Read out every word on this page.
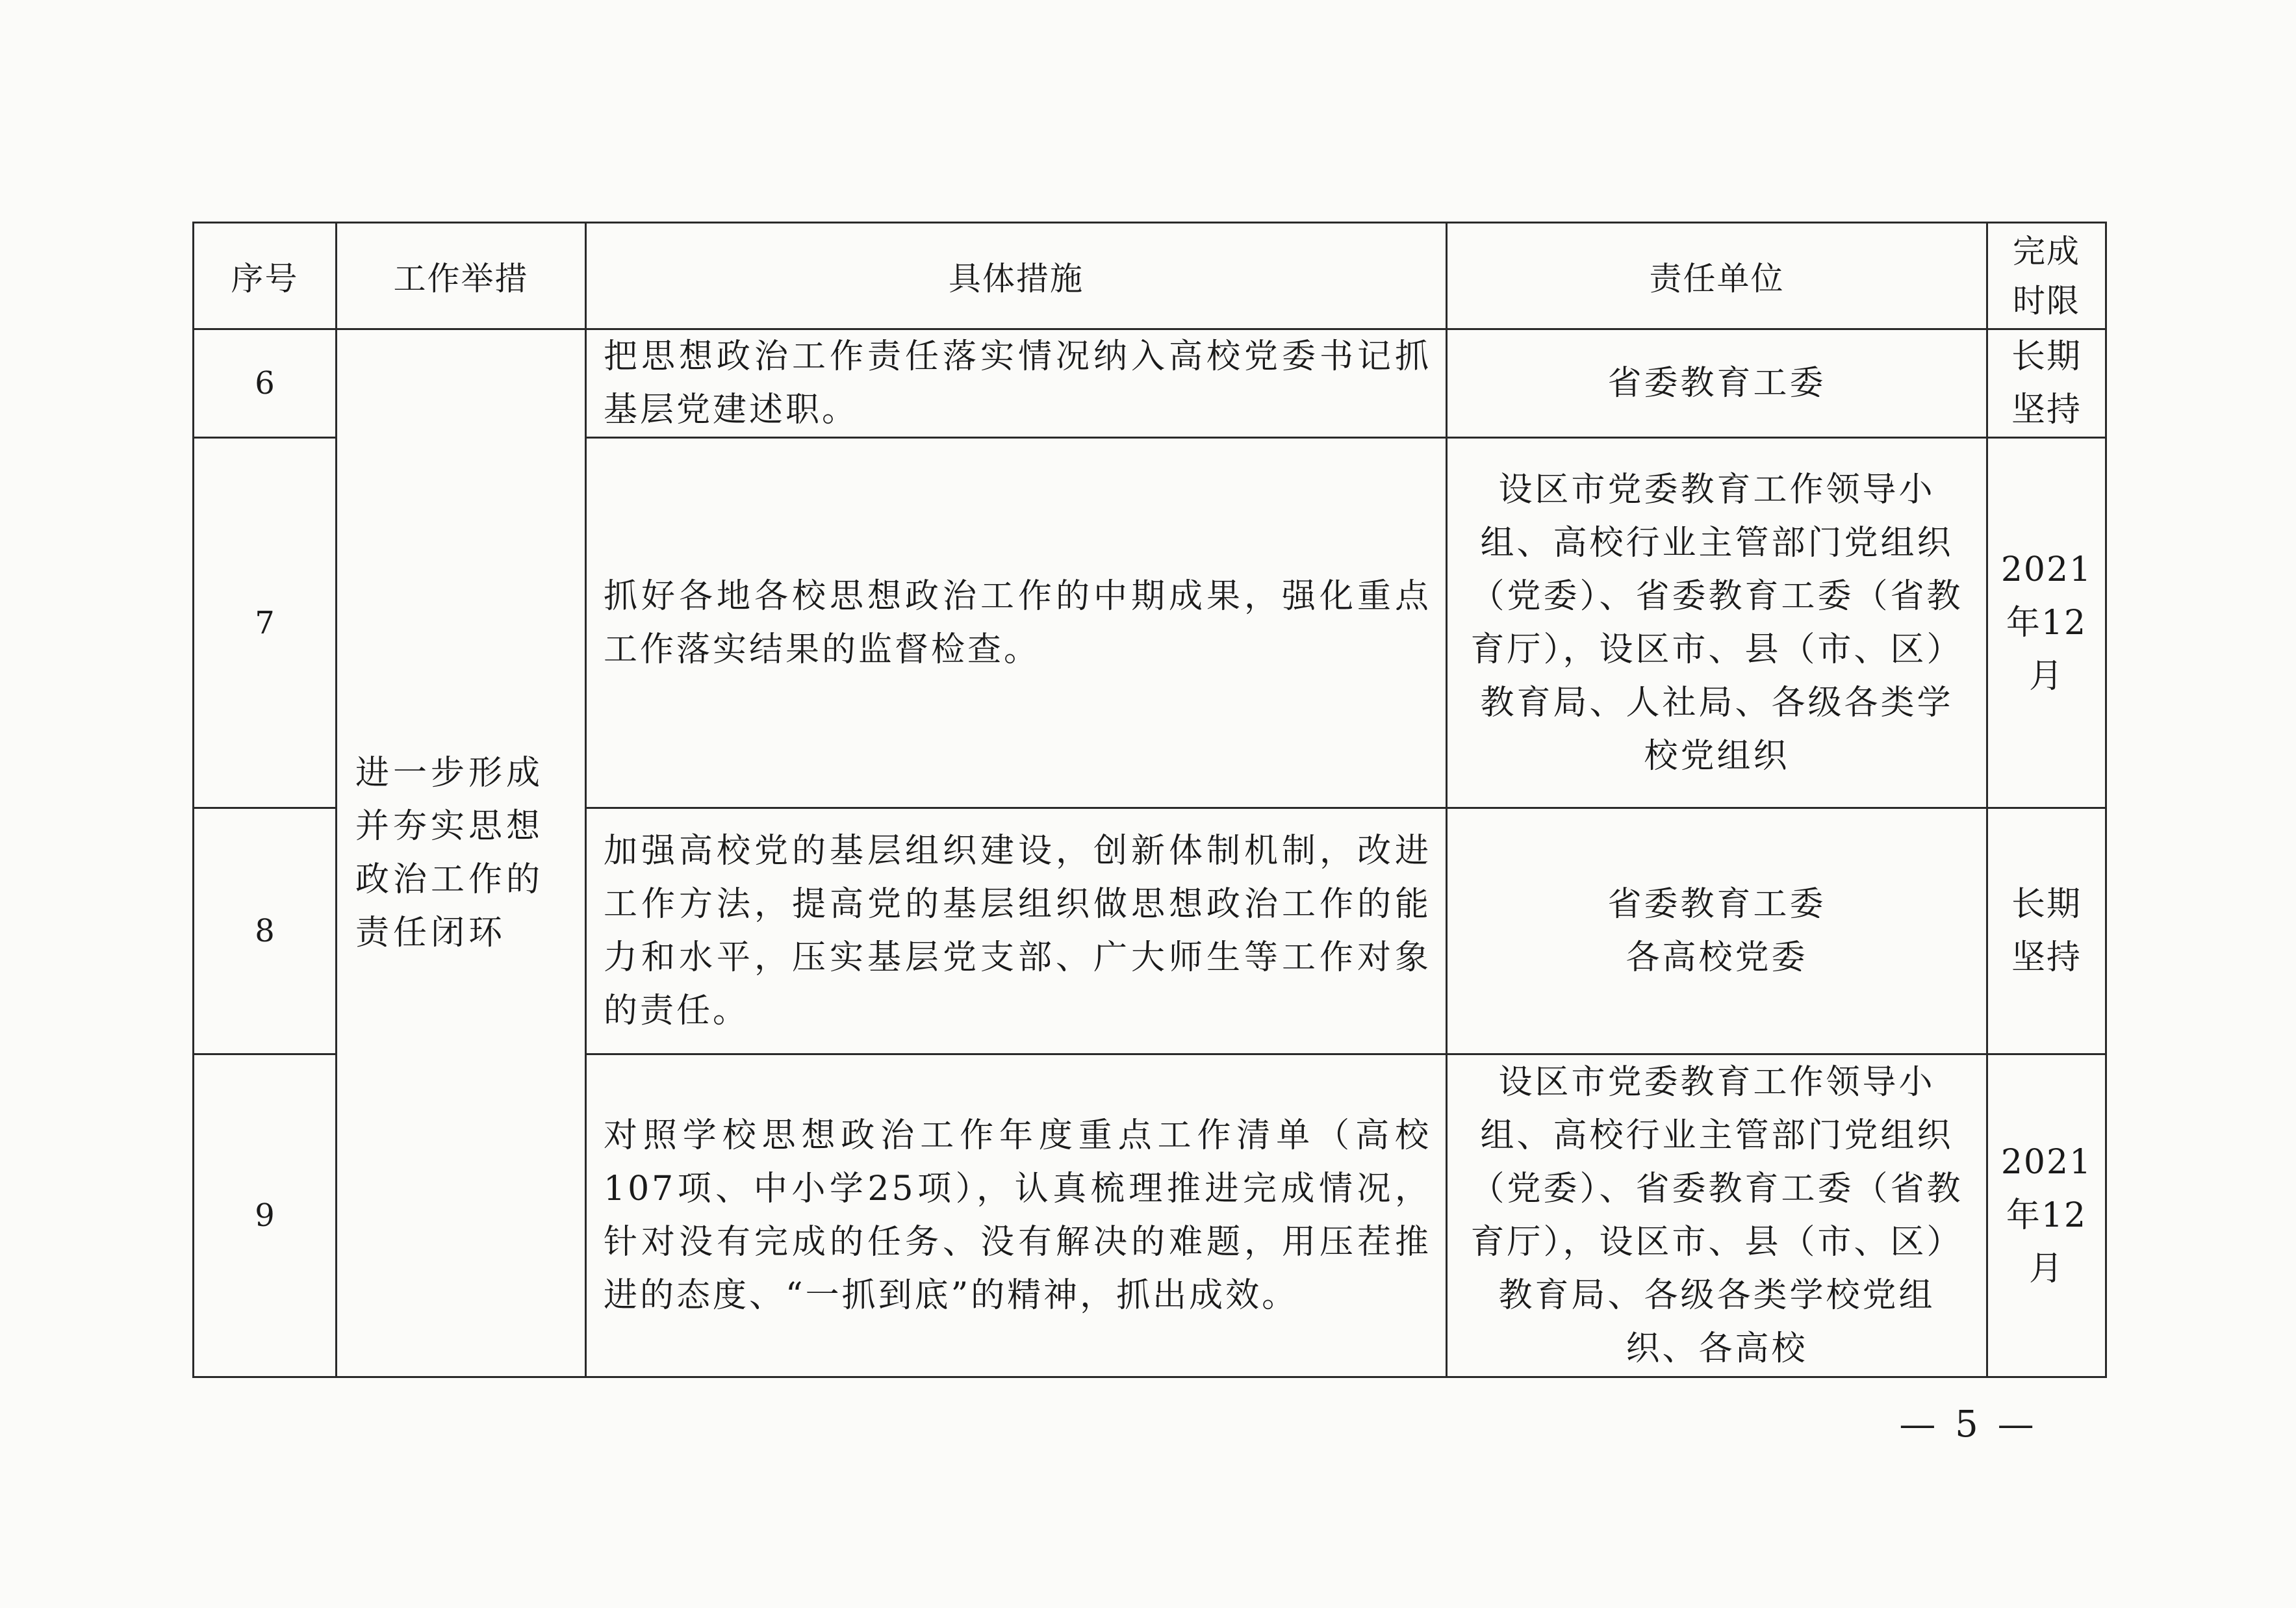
序号	工作举措	具体措施	责任单位	完成
时限
6	进一步形成并夯实思想政治工作的责任闭环	把思想政治工作责任落实情况纳入高校党委书记抓基层党建述职。	省委教育工委	长期
坚持
7		抓好各地各校思想政治工作的中期成果，强化重点工作落实结果的监督检查。	设区市党委教育工作领导小组、高校行业主管部门党组织（党委）、省委教育工委（省教育厅），设区市、县（市、区）教育局、人社局、各级各类学校党组织	2021
年12
月
8		加强高校党的基层组织建设，创新体制机制，改进工作方法，提高党的基层组织做思想政治工作的能力和水平，压实基层党支部、广大师生等工作对象的责任。	省委教育工委
各高校党委	长期
坚持
9		对照学校思想政治工作年度重点工作清单（高校107项、中小学25项），认真梳理推进完成情况，针对没有完成的任务、没有解决的难题，用压茬推进的态度、“一抓到底”的精神，抓出成效。	设区市党委教育工作领导小组、高校行业主管部门党组织（党委）、省委教育工委（省教育厅），设区市、县（市、区）教育局、各级各类学校党组织、各高校	2021
年12
月
— 5 —
